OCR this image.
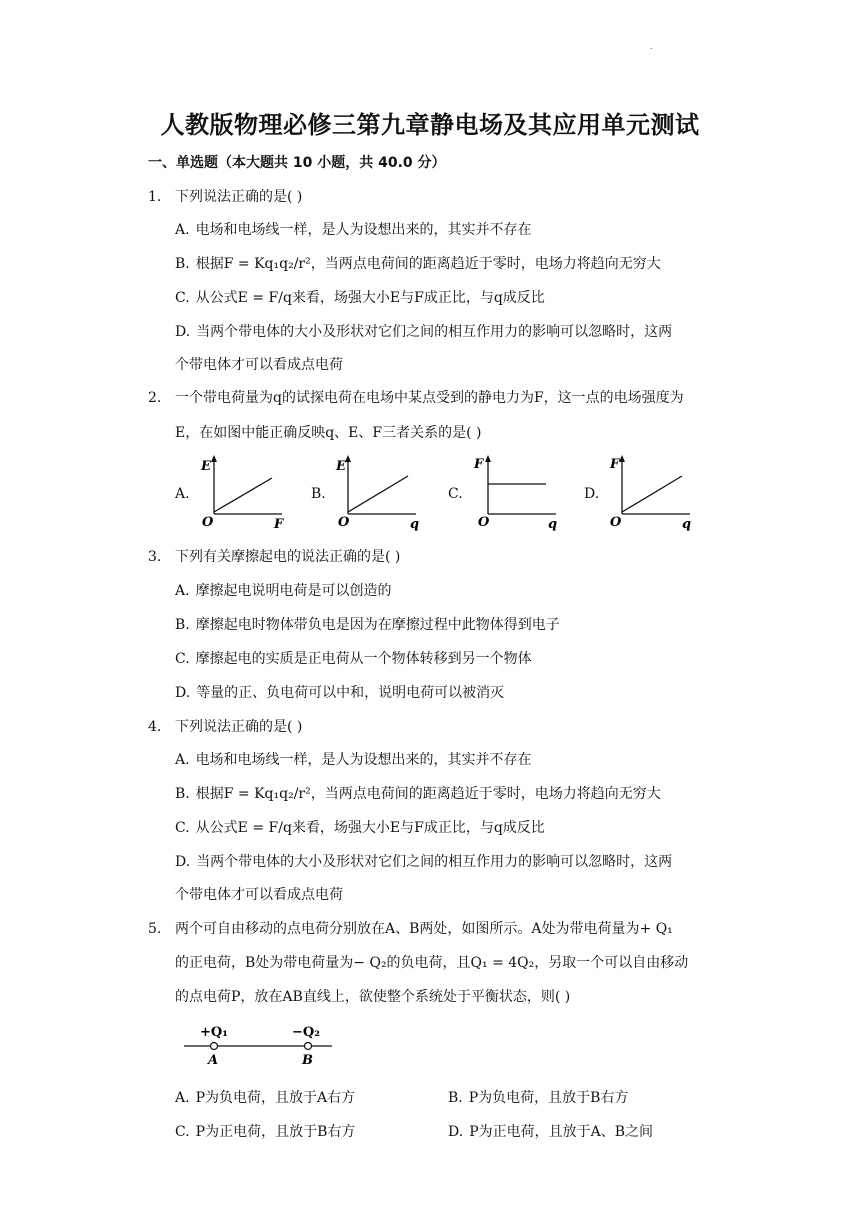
.
人教版物理必修三第九章静电场及其应用单元测试
一、单选题（本大题共 10 小题，共 40.0 分）
1. 下列说法正确的是( )
A. 电场和电场线一样，是人为设想出来的，其实并不存在
B. 根据F = Kq₁q₂/r²，当两点电荷间的距离趋近于零时，电场力将趋向无穷大
C. 从公式E = F/q来看，场强大小E与F成正比，与q成反比
D. 当两个带电体的大小及形状对它们之间的相互作用力的影响可以忽略时，这两
个带电体才可以看成点电荷
2. 一个带电荷量为q的试探电荷在电场中某点受到的静电力为F，这一点的电场强度为
E，在如图中能正确反映q、E、F三者关系的是( )
A.
E
F
O
B.
E
q
O
C.
F
q
O
D.
F
q
O
3. 下列有关摩擦起电的说法正确的是( )
A. 摩擦起电说明电荷是可以创造的
B. 摩擦起电时物体带负电是因为在摩擦过程中此物体得到电子
C. 摩擦起电的实质是正电荷从一个物体转移到另一个物体
D. 等量的正、负电荷可以中和，说明电荷可以被消灭
4. 下列说法正确的是( )
A. 电场和电场线一样，是人为设想出来的，其实并不存在
B. 根据F = Kq₁q₂/r²，当两点电荷间的距离趋近于零时，电场力将趋向无穷大
C. 从公式E = F/q来看，场强大小E与F成正比，与q成反比
D. 当两个带电体的大小及形状对它们之间的相互作用力的影响可以忽略时，这两
个带电体才可以看成点电荷
5. 两个可自由移动的点电荷分别放在A、B两处，如图所示。A处为带电荷量为+ Q₁
的正电荷，B处为带电荷量为− Q₂的负电荷，且Q₁ = 4Q₂，另取一个可以自由移动
的点电荷P，放在AB直线上，欲使整个系统处于平衡状态，则( )
+Q₁
A
−Q₂
B
A. P为负电荷，且放于A右方	B. P为负电荷，且放于B右方
C. P为正电荷，且放于B右方	D. P为正电荷，且放于A、B之间
